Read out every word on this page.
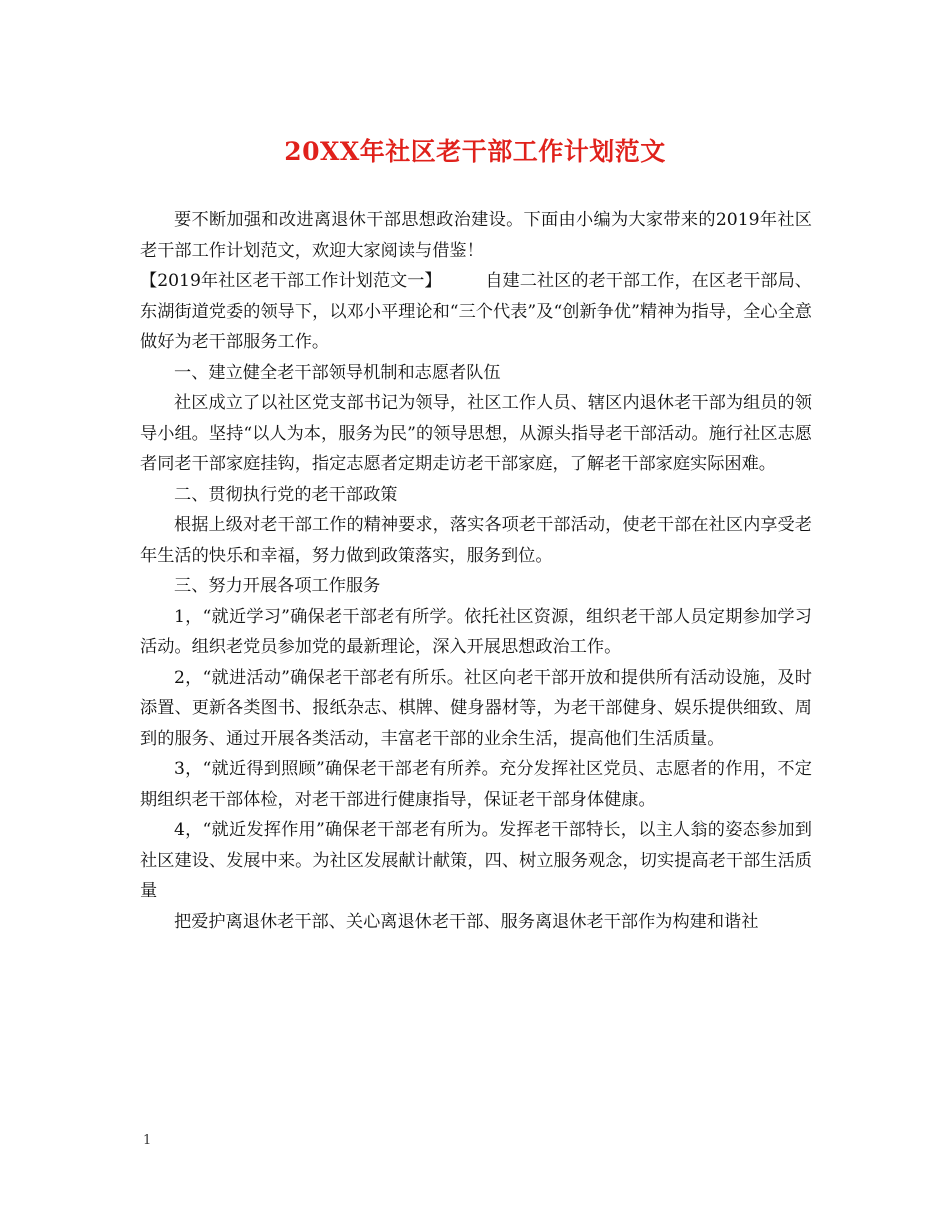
20XX年社区老干部工作计划范文

要不断加强和改进离退休干部思想政治建设。下面由小编为大家带来的2019年社区老干部工作计划范文，欢迎大家阅读与借鉴！

【2019年社区老干部工作计划范文一】        自建二社区的老干部工作，在区老干部局、东湖街道党委的领导下，以邓小平理论和“三个代表”及“创新争优”精神为指导，全心全意做好为老干部服务工作。

一、建立健全老干部领导机制和志愿者队伍

社区成立了以社区党支部书记为领导，社区工作人员、辖区内退休老干部为组员的领导小组。坚持“以人为本，服务为民”的领导思想，从源头指导老干部活动。施行社区志愿者同老干部家庭挂钩，指定志愿者定期走访老干部家庭，了解老干部家庭实际困难。

二、贯彻执行党的老干部政策

根据上级对老干部工作的精神要求，落实各项老干部活动，使老干部在社区内享受老年生活的快乐和幸福，努力做到政策落实，服务到位。

三、努力开展各项工作服务

1，“就近学习”确保老干部老有所学。依托社区资源，组织老干部人员定期参加学习活动。组织老党员参加党的最新理论，深入开展思想政治工作。

2，“就进活动”确保老干部老有所乐。社区向老干部开放和提供所有活动设施，及时添置、更新各类图书、报纸杂志、棋牌、健身器材等，为老干部健身、娱乐提供细致、周到的服务、通过开展各类活动，丰富老干部的业余生活，提高他们生活质量。

3，“就近得到照顾”确保老干部老有所养。充分发挥社区党员、志愿者的作用，不定期组织老干部体检，对老干部进行健康指导，保证老干部身体健康。

4，“就近发挥作用”确保老干部老有所为。发挥老干部特长，以主人翁的姿态参加到社区建设、发展中来。为社区发展献计献策，四、树立服务观念，切实提高老干部生活质量

把爱护离退休老干部、关心离退休老干部、服务离退休老干部作为构建和谐社

1
